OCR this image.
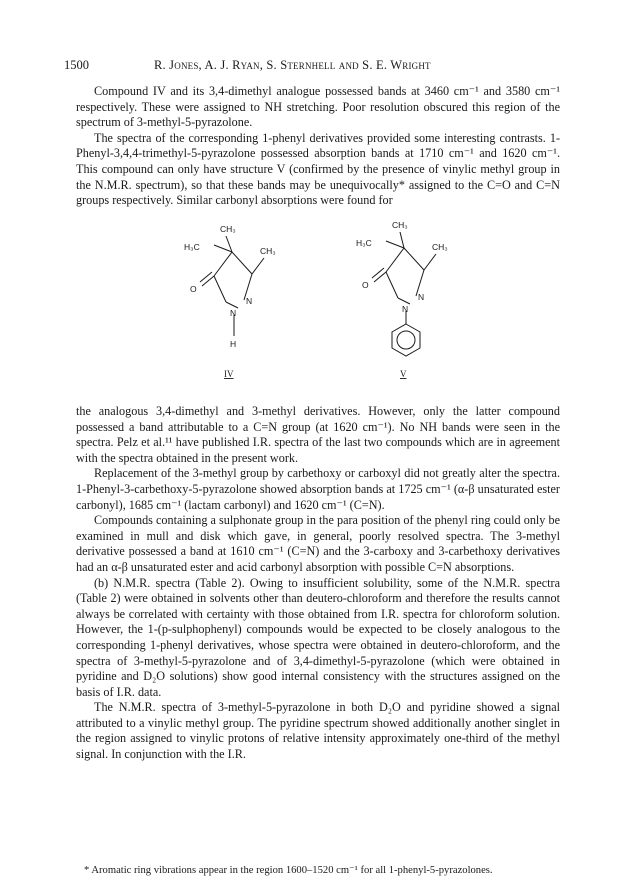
1500	R. Jones, A. J. Ryan, S. Sternhell and S. E. Wright

Compound IV and its 3,4-dimethyl analogue possessed bands at 3460 cm⁻¹ and 3580 cm⁻¹ respectively. These were assigned to NH stretching. Poor resolution obscured this region of the spectrum of 3-methyl-5-pyrazolone.

The spectra of the corresponding 1-phenyl derivatives provided some interesting contrasts. 1-Phenyl-3,4,4-trimethyl-5-pyrazolone possessed absorption bands at 1710 cm⁻¹ and 1620 cm⁻¹. This compound can only have structure V (confirmed by the presence of vinylic methyl group in the N.M.R. spectrum), so that these bands may be unequivocally* assigned to the C=O and C=N groups respectively. Similar carbonyl absorptions were found for

CH₃
H₃C	CH₃
N
O
N
H
IV
CH₃
H₃C	CH₃
N
O
N
V

the analogous 3,4-dimethyl and 3-methyl derivatives. However, only the latter compound possessed a band attributable to a C=N group (at 1620 cm⁻¹). No NH bands were seen in the spectra. Pelz et al.¹¹ have published I.R. spectra of the last two compounds which are in agreement with the spectra obtained in the present work.

Replacement of the 3-methyl group by carbethoxy or carboxyl did not greatly alter the spectra. 1-Phenyl-3-carbethoxy-5-pyrazolone showed absorption bands at 1725 cm⁻¹ (α-β unsaturated ester carbonyl), 1685 cm⁻¹ (lactam carbonyl) and 1620 cm⁻¹ (C=N).

Compounds containing a sulphonate group in the para position of the phenyl ring could only be examined in mull and disk which gave, in general, poorly resolved spectra. The 3-methyl derivative possessed a band at 1610 cm⁻¹ (C=N) and the 3-carboxy and 3-carbethoxy derivatives had an α-β unsaturated ester and acid carbonyl absorption with possible C=N absorptions.

(b) N.M.R. spectra (Table 2). Owing to insufficient solubility, some of the N.M.R. spectra (Table 2) were obtained in solvents other than deutero-chloroform and therefore the results cannot always be correlated with certainty with those obtained from I.R. spectra for chloroform solution. However, the 1-(p-sulphophenyl) compounds would be expected to be closely analogous to the corresponding 1-phenyl derivatives, whose spectra were obtained in deutero-chloroform, and the spectra of 3-methyl-5-pyrazolone and of 3,4-dimethyl-5-pyrazolone (which were obtained in pyridine and D₂O solutions) show good internal consistency with the structures assigned on the basis of I.R. data.

The N.M.R. spectra of 3-methyl-5-pyrazolone in both D₂O and pyridine showed a signal attributed to a vinylic methyl group. The pyridine spectrum showed additionally another singlet in the region assigned to vinylic protons of relative intensity approximately one-third of the methyl signal. In conjunction with the I.R.

* Aromatic ring vibrations appear in the region 1600–1520 cm⁻¹ for all 1-phenyl-5-pyrazolones.
